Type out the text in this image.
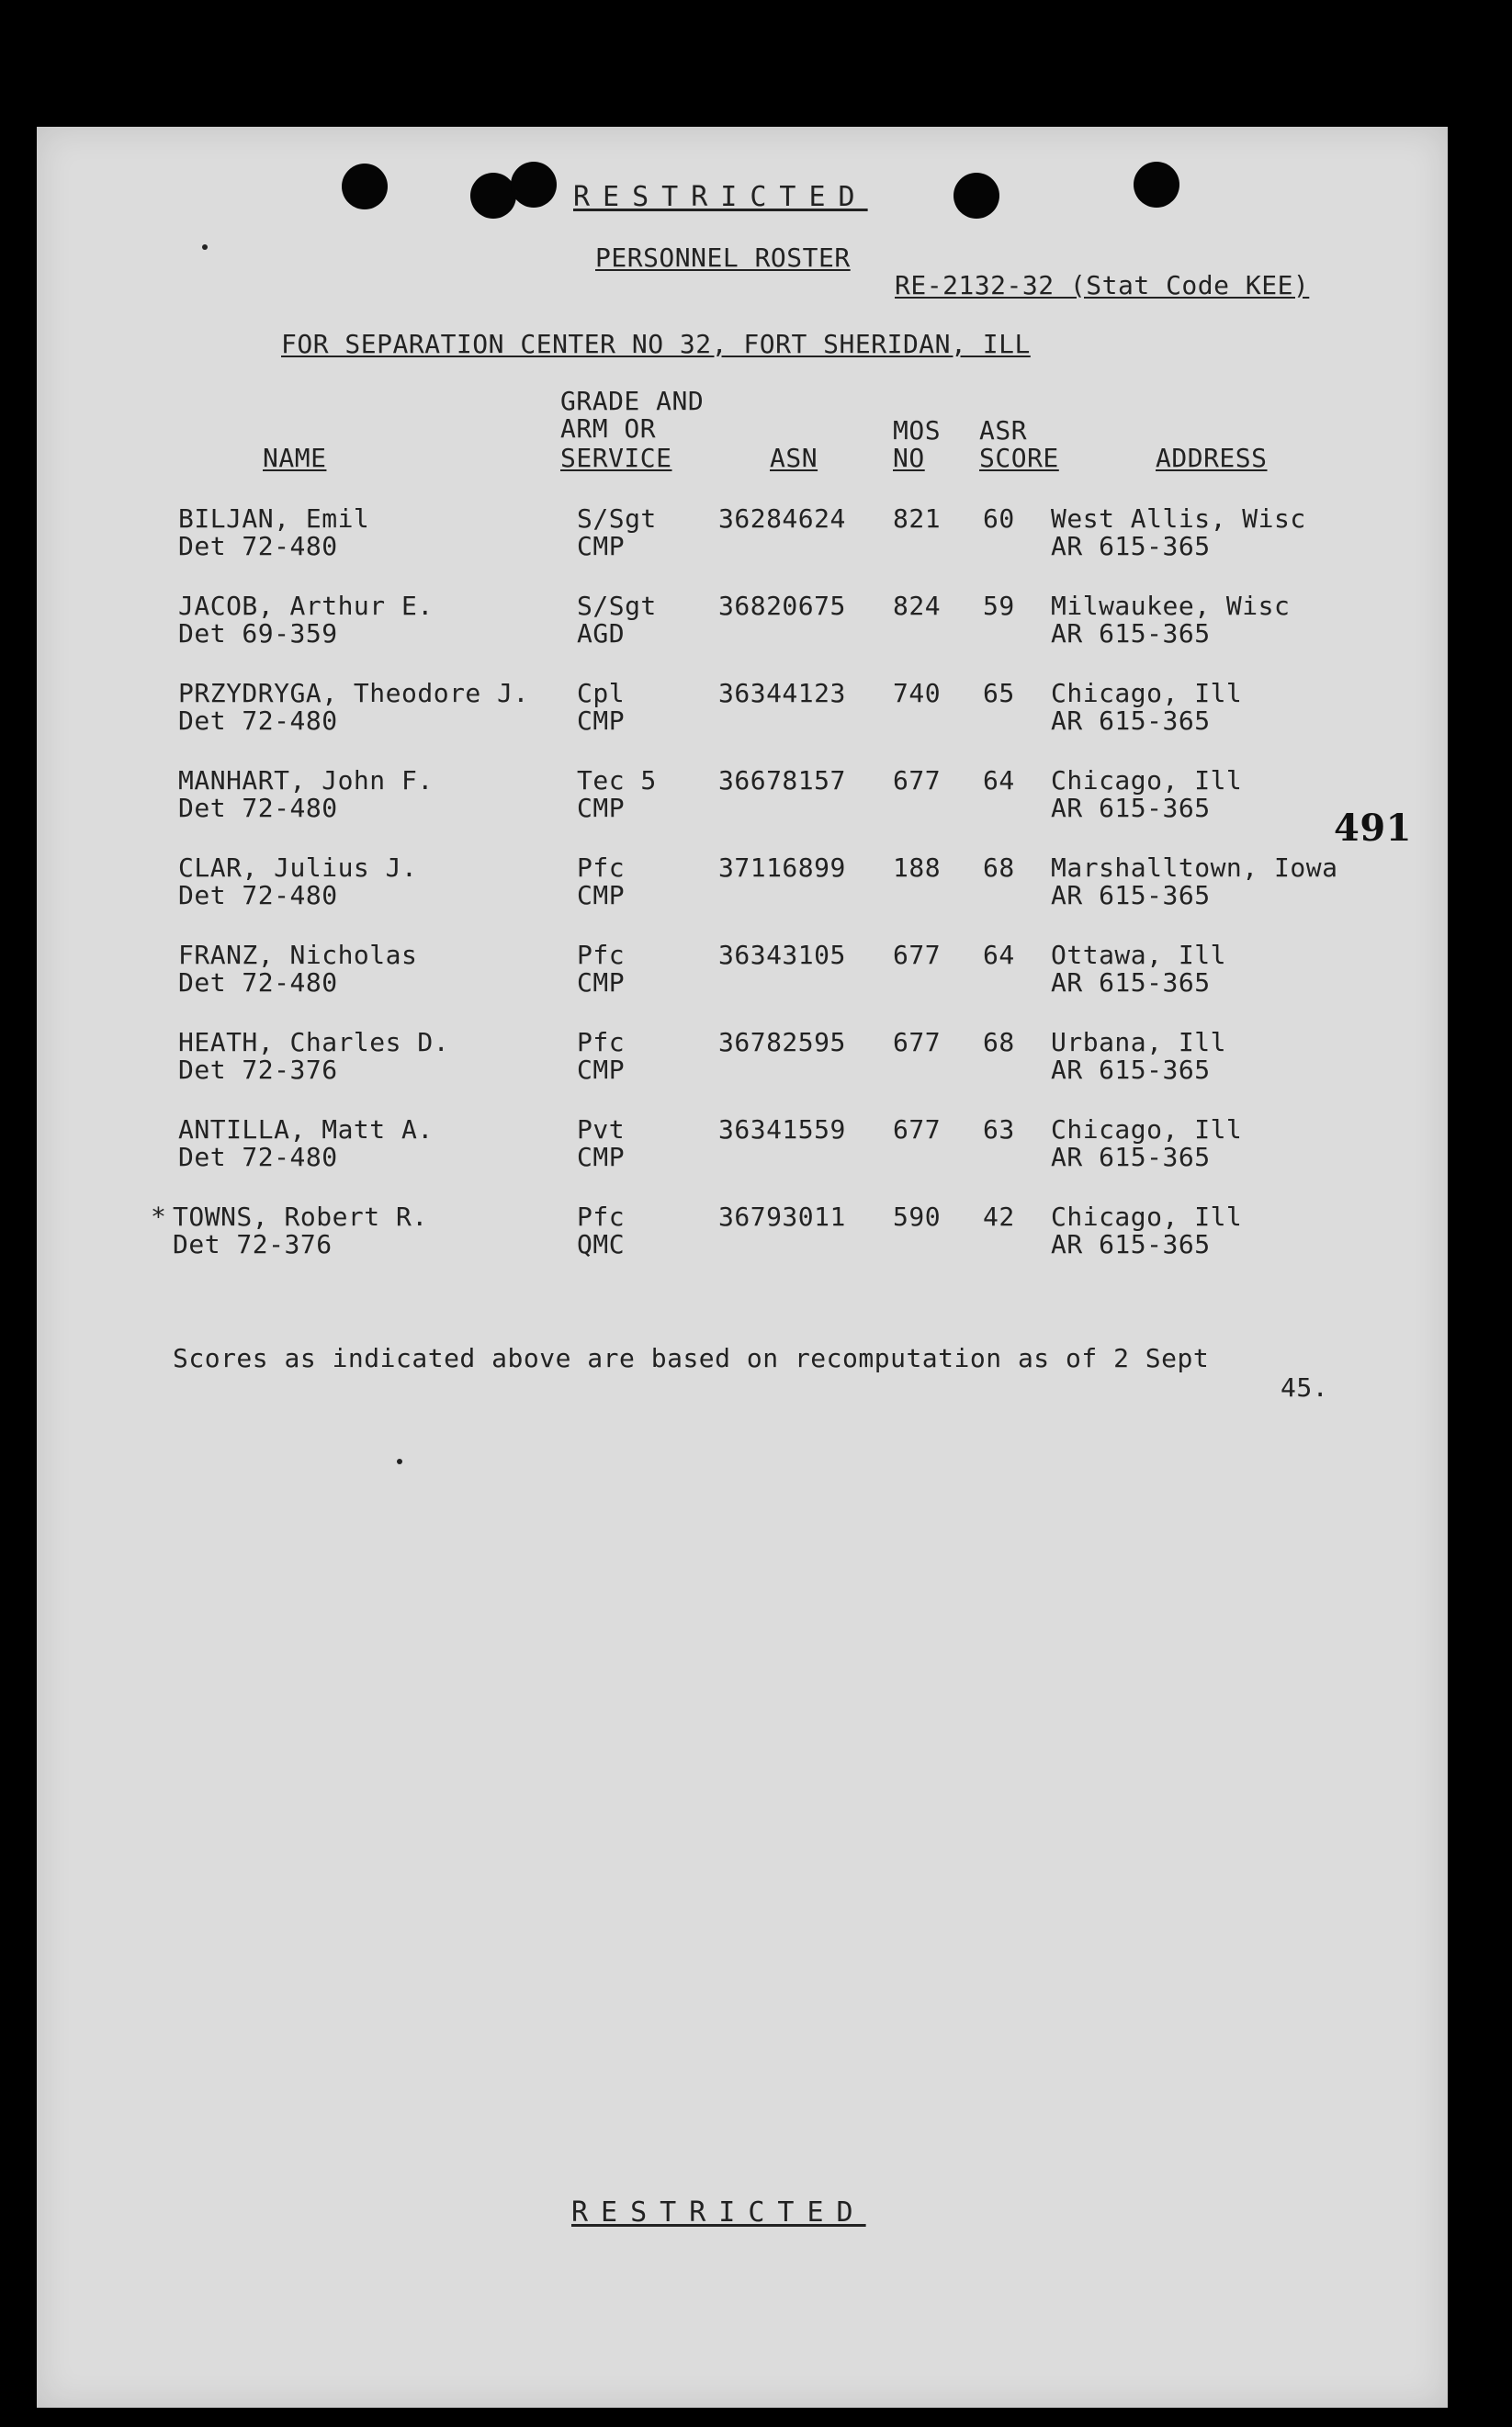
RESTRICTED
PERSONNEL ROSTER
RE-2132-32 (Stat Code KEE)
FOR SEPARATION CENTER NO 32, FORT SHERIDAN, ILL
GRADE AND
ARM OR
SERVICE
NAME	ASN
MOS
NO
ASR
SCORE	ADDRESS
BILJAN, Emil
Det 72-480
S/Sgt
CMP
36284624 821 60 West Allis, Wisc
AR 615-365
JACOB, Arthur E.
Det 69-359
S/Sgt
AGD
36820675 824 59 Milwaukee, Wisc
AR 615-365
PRZYDRYGA, Theodore J.
Det 72-480
Cpl
CMP
36344123 740 65 Chicago, Ill
AR 615-365
MANHART, John F.
Det 72-480
Tec 5
CMP
36678157 677 64 Chicago, Ill
AR 615-365
CLAR, Julius J.
Det 72-480
Pfc
CMP
37116899 188 68 Marshalltown, Iowa
AR 615-365
FRANZ, Nicholas
Det 72-480
Pfc
CMP
36343105 677 64 Ottawa, Ill
AR 615-365
HEATH, Charles D.
Det 72-376
Pfc
CMP
36782595 677 68 Urbana, Ill
AR 615-365
ANTILLA, Matt A.
Det 72-480
Pvt
CMP
36341559 677 63 Chicago, Ill
AR 615-365
* TOWNS, Robert R.
Det 72-376
Pfc
QMC
36793011 590 42 Chicago, Ill
AR 615-365
491
Scores as indicated above are based on recomputation as of 2 Sept
45.
RESTRICTED
